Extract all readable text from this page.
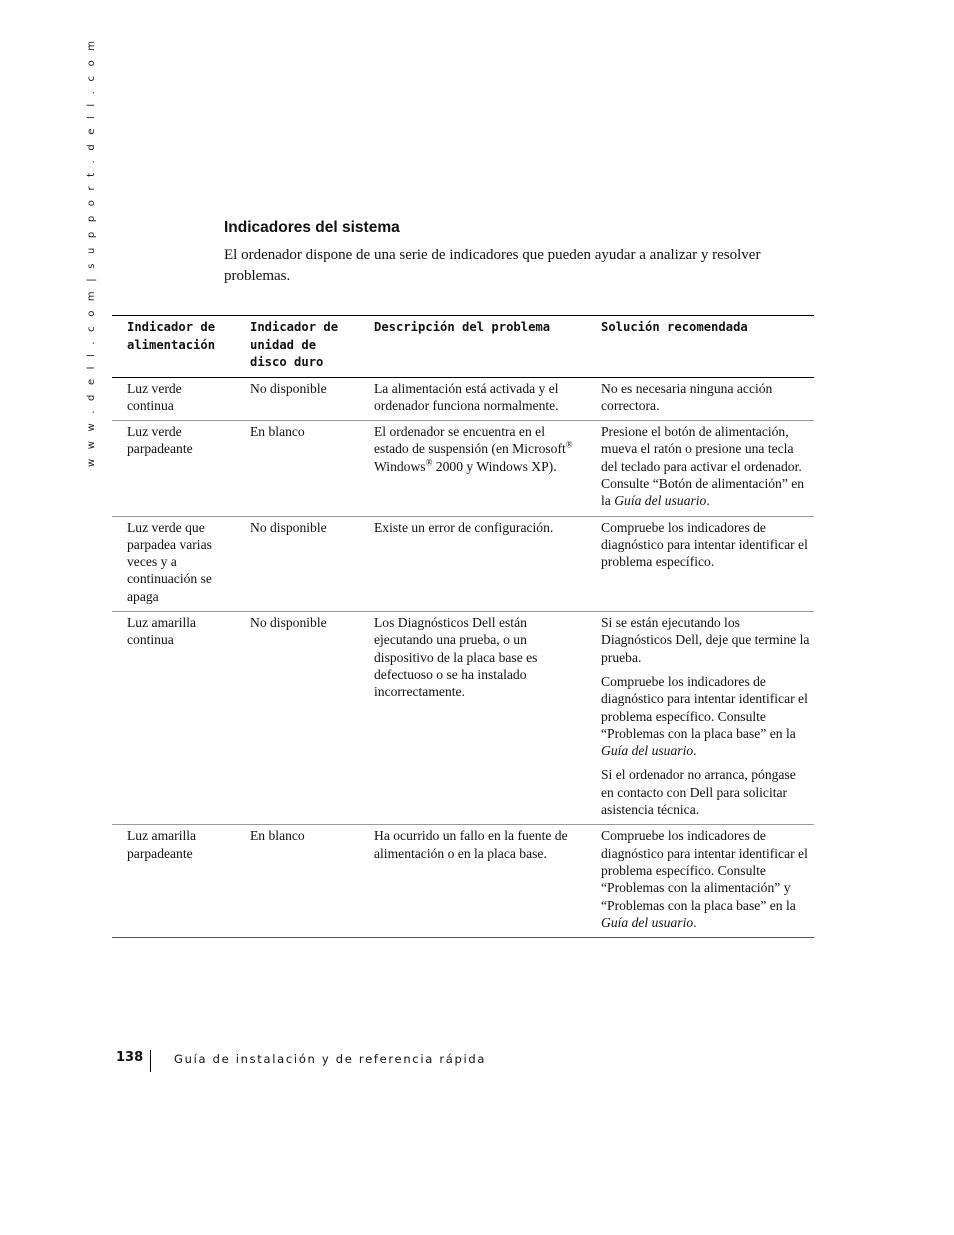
w w w . d e l l . c o m | s u p p o r t . d e l l . c o m	Indicadores del sistema

El ordenador dispone de una serie de indicadores que pueden ayudar a analizar y resolver problemas.

Indicador de alimentación	Indicador de unidad de disco duro	Descripción del problema	Solución recomendada
Luz verde continua	No disponible	La alimentación está activada y el ordenador funciona normalmente.	No es necesaria ninguna acción correctora.

Luz verde parpadeante	En blanco	El ordenador se encuentra en el estado de suspensión (en Microsoft® Windows® 2000 y Windows XP).	Presione el botón de alimentación, mueva el ratón o presione una tecla del teclado para activar el ordenador. Consulte “Botón de alimentación” en la Guía del usuario.

Luz verde que parpadea varias veces y a continuación se apaga	No disponible	Existe un error de configuración.	Compruebe los indicadores de diagnóstico para intentar identificar el problema específico.

Luz amarilla continua	No disponible	Los Diagnósticos Dell están ejecutando una prueba, o un dispositivo de la placa base es defectuoso o se ha instalado incorrectamente.	Si se están ejecutando los Diagnósticos Dell, deje que termine la prueba.

Compruebe los indicadores de diagnóstico para intentar identificar el problema específico. Consulte “Problemas con la placa base” en la Guía del usuario.

Si el ordenador no arranca, póngase en contacto con Dell para solicitar asistencia técnica.

Luz amarilla parpadeante	En blanco	Ha ocurrido un fallo en la fuente de alimentación o en la placa base.	Compruebe los indicadores de diagnóstico para intentar identificar el problema específico. Consulte “Problemas con la alimentación” y “Problemas con la placa base” en la Guía del usuario.

138	Guía de instalación y de referencia rápida
